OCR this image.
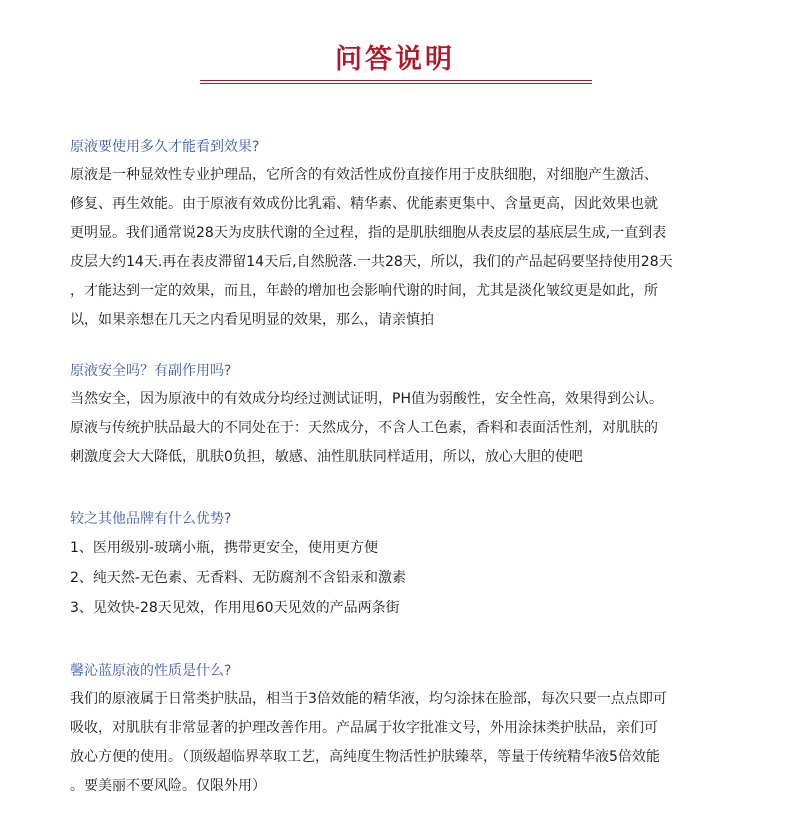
问答说明

原液要使用多久才能看到效果?

原液是一种显效性专业护理品，它所含的有效活性成份直接作用于皮肤细胞，对细胞产生激活、
修复、再生效能。由于原液有效成份比乳霜、精华素、优能素更集中、含量更高，因此效果也就
更明显。我们通常说28天为皮肤代谢的全过程，指的是肌肤细胞从表皮层的基底层生成,一直到表
皮层大约14天.再在表皮滞留14天后,自然脱落.一共28天，所以，我们的产品起码要坚持使用28天
，才能达到一定的效果，而且，年龄的增加也会影响代谢的时间，尤其是淡化皱纹更是如此，所
以，如果亲想在几天之内看见明显的效果，那么，请亲慎拍

原液安全吗？有副作用吗?

当然安全，因为原液中的有效成分均经过测试证明，PH值为弱酸性，安全性高，效果得到公认。
原液与传统护肤品最大的不同处在于：天然成分，不含人工色素，香料和表面活性剂，对肌肤的
刺激度会大大降低，肌肤0负担，敏感、油性肌肤同样适用，所以，放心大胆的使吧

较之其他品牌有什么优势?

1、医用级别-玻璃小瓶，携带更安全，使用更方便

2、纯天然-无色素、无香料、无防腐剂不含铅汞和激素

3、见效快-28天见效，作用甩60天见效的产品两条街

馨沁蓝原液的性质是什么?

我们的原液属于日常类护肤品，相当于3倍效能的精华液，均匀涂抹在脸部，每次只要一点点即可
吸收，对肌肤有非常显著的护理改善作用。产品属于妆字批准文号，外用涂抹类护肤品，亲们可
放心方便的使用。（顶级超临界萃取工艺，高纯度生物活性护肤臻萃，等量于传统精华液5倍效能
。要美丽不要风险。仅限外用）
